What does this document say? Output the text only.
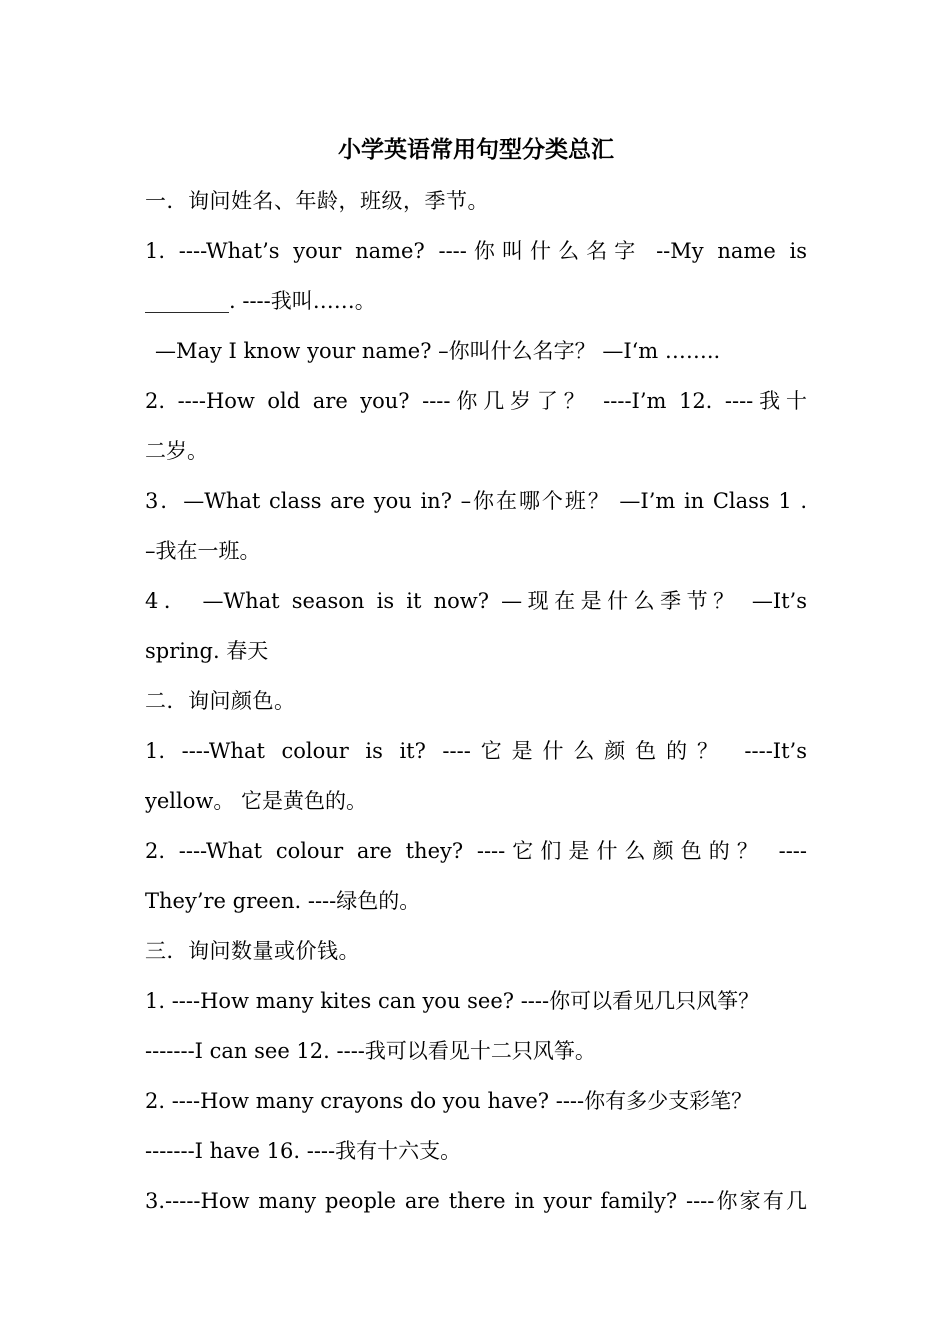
小学英语常用句型分类总汇

一．询问姓名、年龄，班级，季节。

1. ----What’s your name? ----你叫什么名字 --My name is

________. ----我叫……。

—May I know your name? –你叫什么名字？ —I‘m ……..

2. ----How old are you? ----你几岁了？ ----I’m 12. ----我十

二岁。

3．—What class are you in? –你在哪个班？ —I’m in Class 1 .

–我在一班。

4． —What season is it now? —现在是什么季节？ —It’s

spring. 春天

二．询问颜色。

1. ----What colour is it? ----它是什么颜色的？ ----It’s

yellow。 它是黄色的。

2. ----What colour are they? ----它们是什么颜色的？ ----

They’re green. ----绿色的。

三．询问数量或价钱。

1. ----How many kites can you see? ----你可以看见几只风筝？

-------I can see 12. ----我可以看见十二只风筝。

2. ----How many crayons do you have? ----你有多少支彩笔？

-------I have 16. ----我有十六支。

3.-----How many people are there in your family? ----你家有几
